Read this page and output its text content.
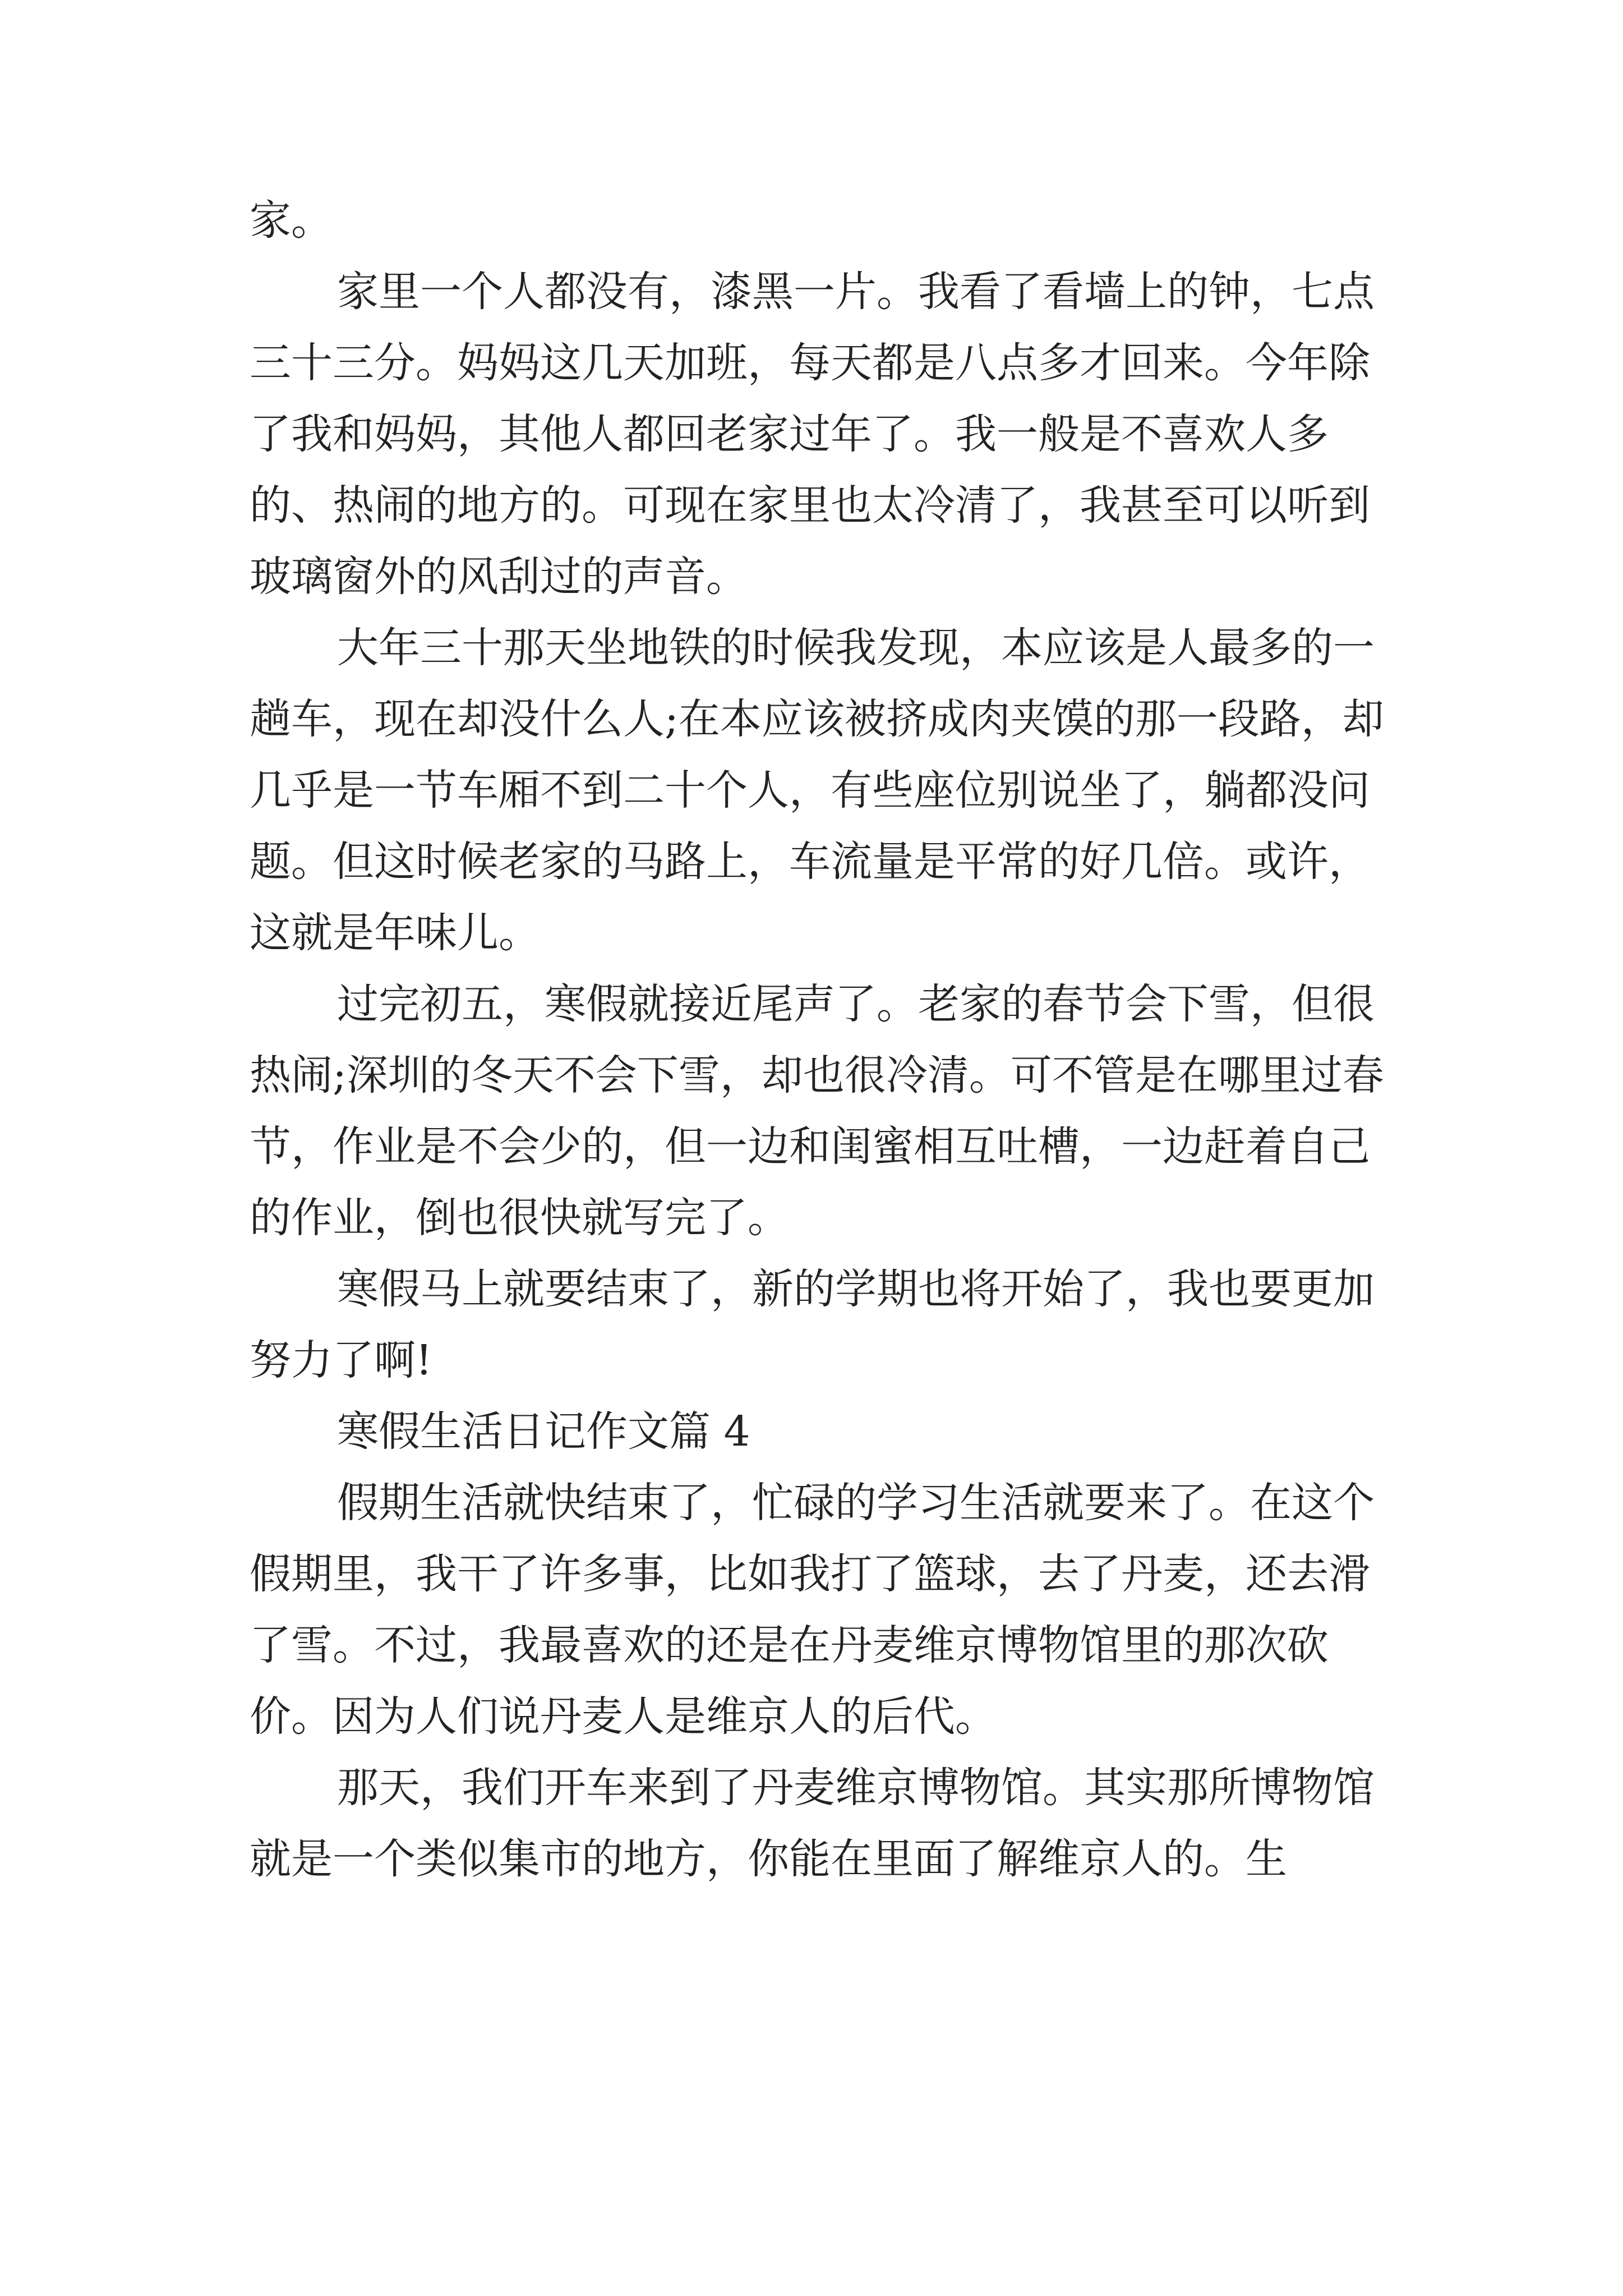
家。

家里一个人都没有，漆黑一片。我看了看墙上的钟，七点三十三分。妈妈这几天加班，每天都是八点多才回来。今年除了我和妈妈，其他人都回老家过年了。我一般是不喜欢人多的、热闹的地方的。可现在家里也太冷清了，我甚至可以听到玻璃窗外的风刮过的声音。

大年三十那天坐地铁的时候我发现，本应该是人最多的一趟车，现在却没什么人;在本应该被挤成肉夹馍的那一段路，却几乎是一节车厢不到二十个人，有些座位别说坐了，躺都没问题。但这时候老家的马路上，车流量是平常的好几倍。或许，这就是年味儿。

过完初五，寒假就接近尾声了。老家的春节会下雪，但很热闹;深圳的冬天不会下雪，却也很冷清。可不管是在哪里过春节，作业是不会少的，但一边和闺蜜相互吐槽，一边赶着自己的作业，倒也很快就写完了。

寒假马上就要结束了，新的学期也将开始了，我也要更加努力了啊!

寒假生活日记作文篇 4

假期生活就快结束了，忙碌的学习生活就要来了。在这个假期里，我干了许多事，比如我打了篮球，去了丹麦，还去滑了雪。不过，我最喜欢的还是在丹麦维京博物馆里的那次砍价。因为人们说丹麦人是维京人的后代。

那天，我们开车来到了丹麦维京博物馆。其实那所博物馆就是一个类似集市的地方，你能在里面了解维京人的。生
